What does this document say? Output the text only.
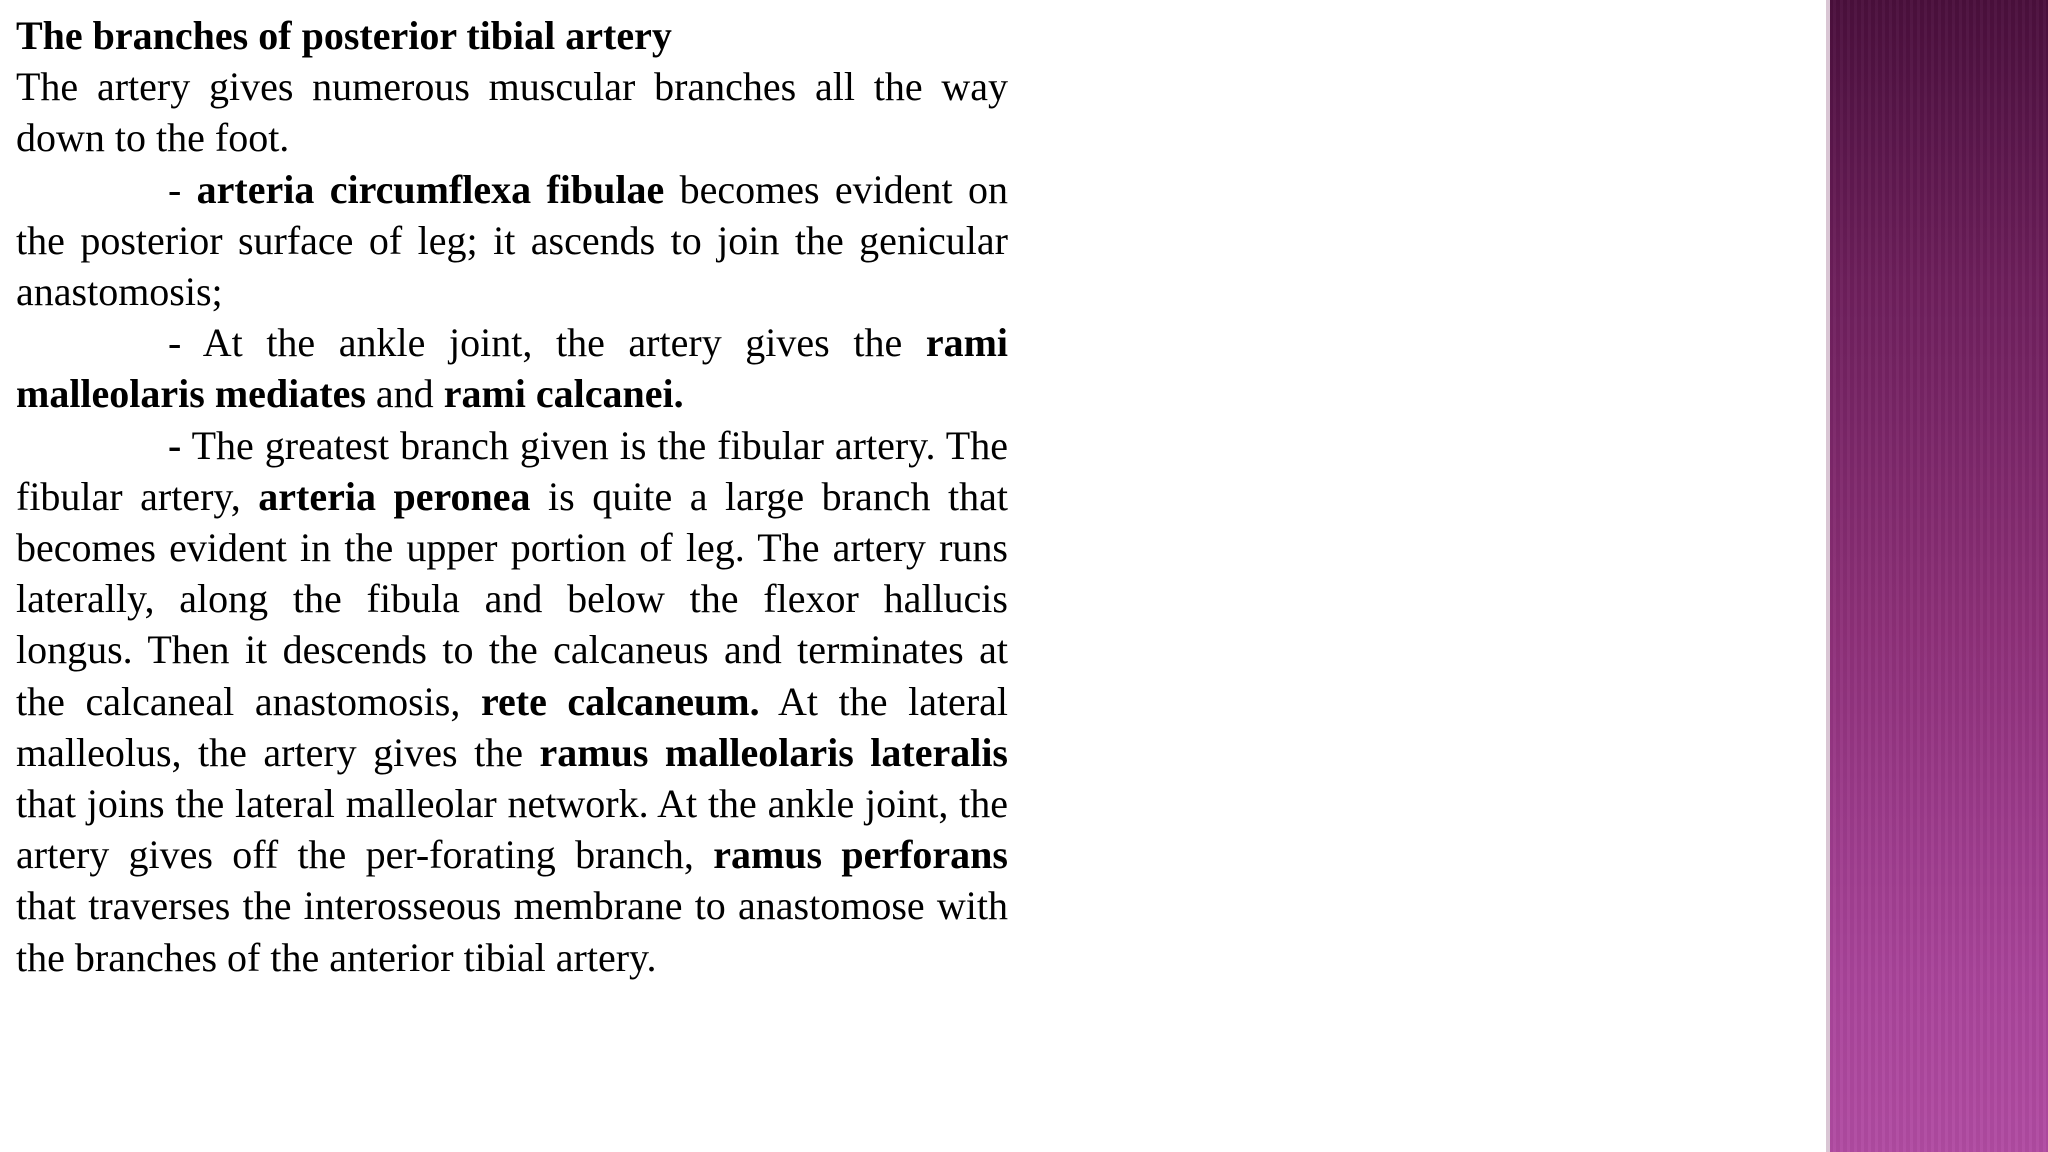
The branches of posterior tibial artery

The artery gives numerous muscular branches all the way down to the foot.

- arteria circumflexa fibulae becomes evident on the posterior surface of leg; it ascends to join the genicular anastomosis;

- At the ankle joint, the artery gives the rami malleolaris mediates and rami calcanei.

- The greatest branch given is the fibular artery. The fibular artery, arteria peronea is quite a large branch that becomes evident in the upper portion of leg. The artery runs laterally, along the fibula and below the flexor hallucis longus. Then it descends to the calcaneus and terminates at the calcaneal anastomosis, rete calcaneum. At the lateral malleolus, the artery gives the ramus malleolaris lateralis that joins the lateral malleolar network. At the ankle joint, the artery gives off the per-forating branch, ramus perforans that traverses the interosseous membrane to anastomose with the branches of the anterior tibial artery.
